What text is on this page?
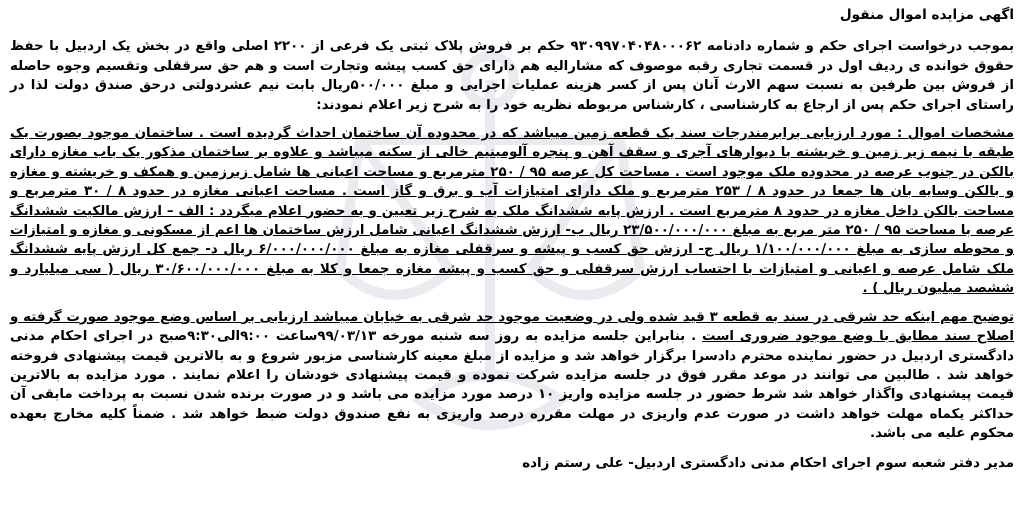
اگهی مزایده اموال منقول

بموجب درخواست اجرای حکم و شماره دادنامه ۹۳۰۹۹۷۰۴۰۴۸۰۰۰۶۲ حکم بر فروش پلاک ثبتی یک فرعی از ۲۲۰۰ اصلی واقع در بخش یک اردبیل با حفظ حقوق خوانده ی ردیف اول در قسمت تجاری رقبه موصوف که مشارالیه هم دارای حق کسب پیشه وتجارت است و هم حق سرقفلی وتقسیم وجوه حاصله از فروش بین طرفین به نسبت سهم الارث آنان پس از کسر هزینه عملیات اجرایی و مبلغ ۵۰۰/۰۰۰ریال بابت نیم عشردولتی درحق صندق دولت لذا در راستای اجرای حکم پس از ارجاع به کارشناسی ، کارشناس مربوطه نظریه خود را به شرح زیر اعلام نمودند:

مشخصات اموال : مورد ارزیابی برابرمندرجات سند یک قطعه زمین میباشد که در محدوده آن ساختمان احداث گردیده است . ساختمان موجود بصورت یک طبقه با نیمه زیر زمین و خریشته با دیوارهای آجری و سقف آهن و پنجره آلومینیم خالی از سکنه میباشد و علاوه بر ساختمان مذکور یک باب مغازه دارای بالکن در جنوب عرصه در محدوده ملک موجود است . مساحت کل عرصه ۹۵ / ۲۵۰ مترمربع و مساحت اعیانی ها شامل زیرزمین و همکف و خریشته و مغازه و بالکن وسایه بان ها جمعا در حدود ۸ / ۲۵۳ مترمربع و ملک دارای امتیازات آب و برق و گاز است . مساحت اعیانی مغازه در حدود ۸ / ۳۰ مترمربع و مساحت بالکن داخل مغازه در حدود ۸ مترمربع است . ارزش پایه ششدانگ ملک به شرح زیر تعیین و به حضور اعلام میگردد : الف – ارزش مالکیت ششدانگ عرصه با مساحت ۹۵ / ۲۵۰ متر مربع به مبلغ ۲۳/۵۰۰/۰۰۰/۰۰۰ ریال ب- ارزش ششدانگ اعیانی شامل ارزش ساختمان ها اعم از مسکونی و مغازه و امتیازات و محوطه سازی به مبلغ ۱/۱۰۰/۰۰۰/۰۰۰ ریال ج- ارزش حق کسب و پیشه و سرقفلی مغازه به مبلغ ۶/۰۰۰/۰۰۰/۰۰۰ ریال د- جمع کل ارزش پایه ششدانگ ملک شامل عرصه و اعیانی و امتیازات با احتساب ارزش سرقفلی و حق کسب و پیشه مغازه جمعا و کلا به مبلغ ۳۰/۶۰۰/۰۰۰/۰۰۰ ریال ( سی میلیارد و ششصد میلیون ریال ) .

توضیح مهم اینکه حد شرقی در سند به قطعه ۳ قید شده ولی در وضعیت موجود حد شرقی به خیابان میباشد ارزیابی بر اساس وضع موجود صورت گرفته و اصلاح سند مطابق با وضع موجود ضروری است . بنابراین جلسه مزایده به روز سه شنبه مورخه ۹۹/۰۳/۱۳ساعت ۹:۰۰الی۹:۳۰صبح در اجرای احکام مدنی دادگستری اردبیل در حضور نماینده محترم دادسرا برگزار خواهد شد و مزایده از مبلغ معینه کارشناسی مزبور شروع و به بالاترین قیمت پیشنهادی فروخته خواهد شد . طالبین می توانند در موعد مقرر فوق در جلسه مزایده شرکت نموده و قیمت پیشنهادی خودشان را اعلام نمایند . مورد مزایده به بالاترین قیمت پیشنهادی واگذار خواهد شد شرط حضور در جلسه مزایده واریز ۱۰ درصد مورد مزایده می باشد و در صورت برنده شدن نسبت به پرداخت مابقی آن حداکثر یکماه مهلت خواهد داشت در صورت عدم واریزی در مهلت مقرره درصد واریزی به نفع صندوق دولت ضبط خواهد شد . ضمناً کلیه مخارج بعهده محکوم علیه می باشد.

مدیر دفتر شعبه سوم اجرای احکام مدنی دادگستری اردبیل- علی رستم زاده
